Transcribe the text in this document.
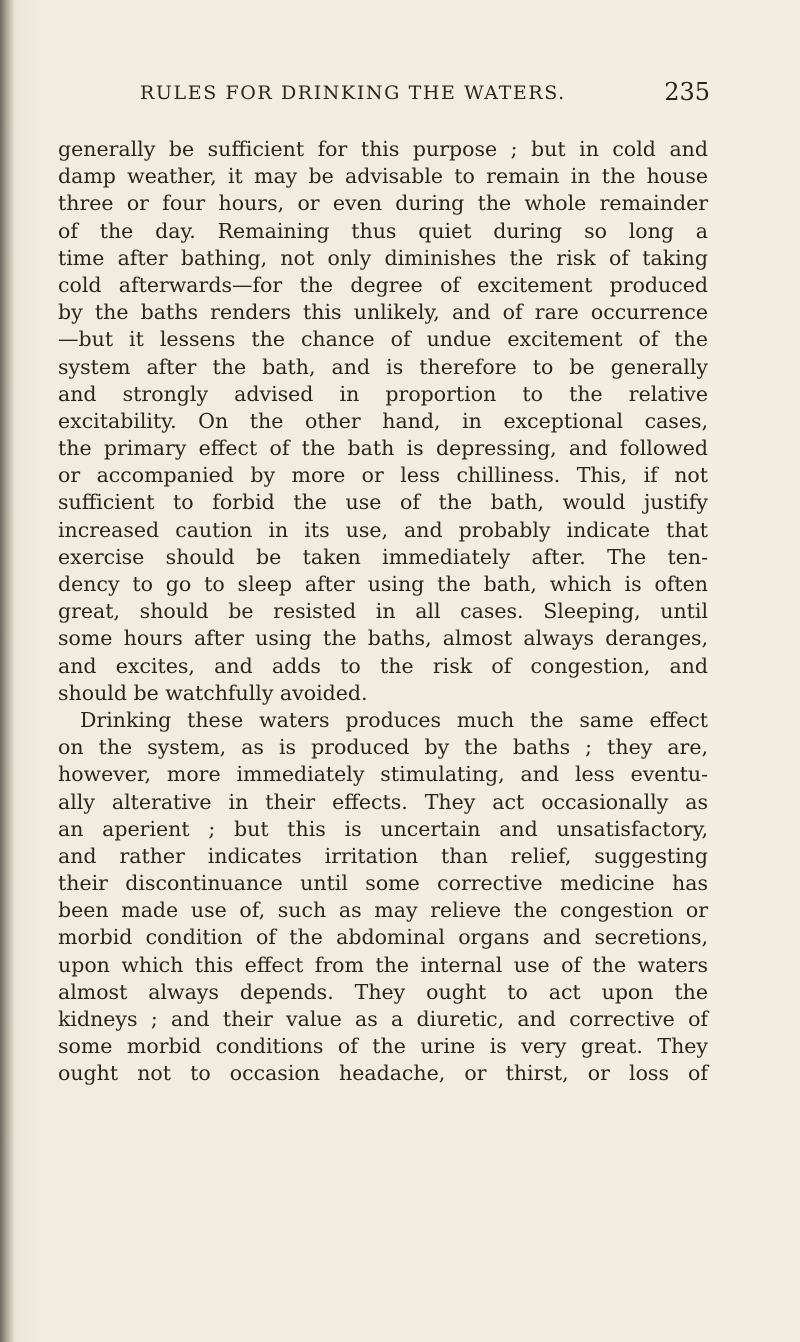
RULES FOR DRINKING THE WATERS.	235
generally be sufficient for this purpose ; but in cold and
damp weather, it may be advisable to remain in the house
three or four hours, or even during the whole remainder
of the day. Remaining thus quiet during so long a
time after bathing, not only diminishes the risk of taking
cold afterwards—for the degree of excitement produced
by the baths renders this unlikely, and of rare occurrence
—but it lessens the chance of undue excitement of the
system after the bath, and is therefore to be generally
and strongly advised in proportion to the relative
excitability. On the other hand, in exceptional cases,
the primary effect of the bath is depressing, and followed
or accompanied by more or less chilliness. This, if not
sufficient to forbid the use of the bath, would justify
increased caution in its use, and probably indicate that
exercise should be taken immediately after. The ten-
dency to go to sleep after using the bath, which is often
great, should be resisted in all cases. Sleeping, until
some hours after using the baths, almost always deranges,
and excites, and adds to the risk of congestion, and
should be watchfully avoided.
Drinking these waters produces much the same effect
on the system, as is produced by the baths ; they are,
however, more immediately stimulating, and less eventu-
ally alterative in their effects. They act occasionally as
an aperient ; but this is uncertain and unsatisfactory,
and rather indicates irritation than relief, suggesting
their discontinuance until some corrective medicine has
been made use of, such as may relieve the congestion or
morbid condition of the abdominal organs and secretions,
upon which this effect from the internal use of the waters
almost always depends. They ought to act upon the
kidneys ; and their value as a diuretic, and corrective of
some morbid conditions of the urine is very great. They
ought not to occasion headache, or thirst, or loss of
